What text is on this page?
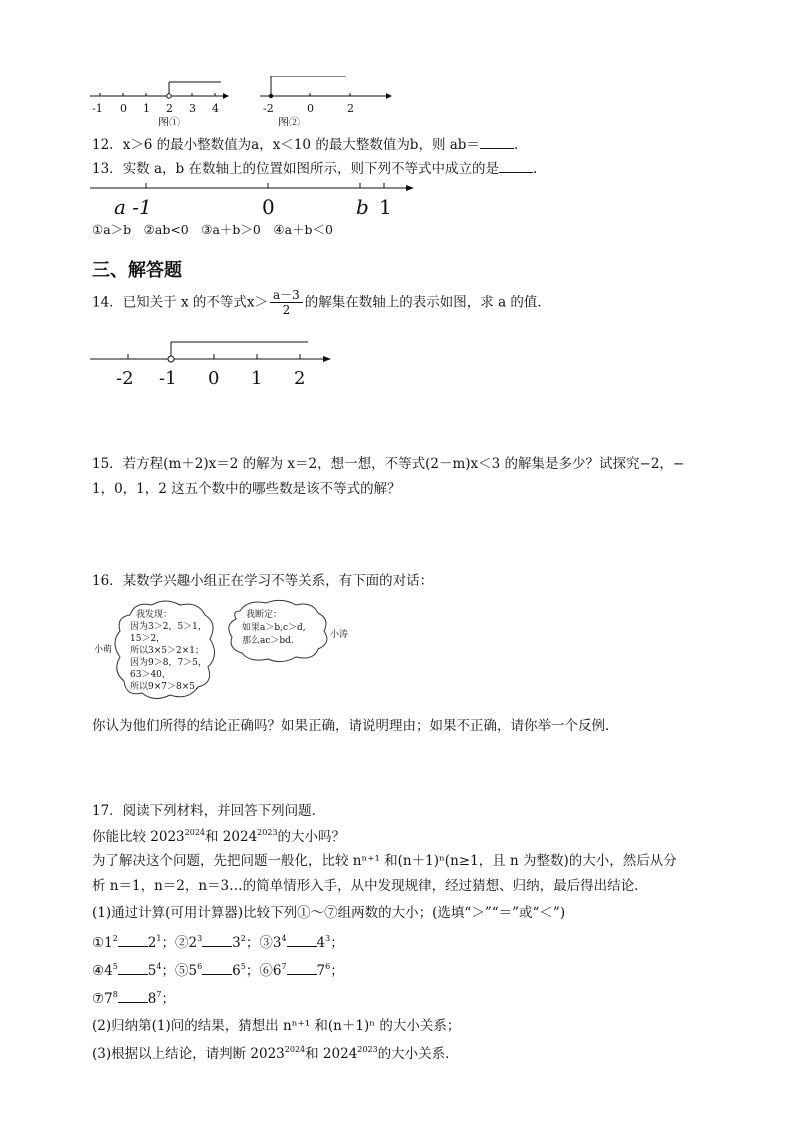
-1 0 1 2 3 4
图①
-2	0	2
图②
12．x＞6 的最小整数值为a，x＜10 的最大整数值为b，则 ab＝	.
13．实数 a，b 在数轴上的位置如图所示，则下列不等式中成立的是	.
a -1	0	b 1
①a＞b　②ab<0　③a＋b＞0　④a＋b＜0
三、解答题
14．已知关于 x 的不等式$x> \frac{a-3}{2}$ 的解集在数轴上的表示如图，求 a 的值．
-2 -1 0 1 2
15．若方程(m＋2)x＝2 的解为 x＝2，想一想，不等式(2－m)x＜3 的解集是多少？试探究−2，−
1，0，1，2 这五个数中的哪些数是该不等式的解？
16．某数学兴趣小组正在学习不等关系，有下面的对话：
小萌
我发现：
因为3＞2，5＞1，
15＞2，
所以3×5＞2×1；
因为9＞8，7＞5，
63＞40，
所以9×7＞8×5.
我断定：
如果a＞b,c＞d,
那么ac＞bd.
小涛
你认为他们所得的结论正确吗？如果正确，请说明理由；如果不正确，请你举一个反例．
17．阅读下列材料，并回答下列问题．
你能比较 $2023^{2024}$和 $2024^{2023}$的大小吗？
为了解决这个问题，先把问题一般化，比较 nⁿ⁺¹ 和(n＋1)ⁿ(n≥1，且 n 为整数)的大小，然后从分
析 n＝1，n＝2，n＝3…的简单情形入手，从中发现规律，经过猜想、归纳，最后得出结论．
(1)通过计算(可用计算器)比较下列①～⑦组两数的大小；(选填“＞”“＝”或“＜”)
$①1^2$ $2^1$；$②2^3$ $3^2$；$③3^4$ $4^3$；
$④4^5$ $5^4$；$⑤5^6$ $6^5$；$⑥6^7$ $7^6$；
$⑦7^8$ $8^7$；
(2)归纳第(1)问的结果，猜想出 nⁿ⁺¹ 和(n＋1)ⁿ 的大小关系；
(3)根据以上结论，请判断 $2023^{2024}$和 $2024^{2023}$的大小关系．
